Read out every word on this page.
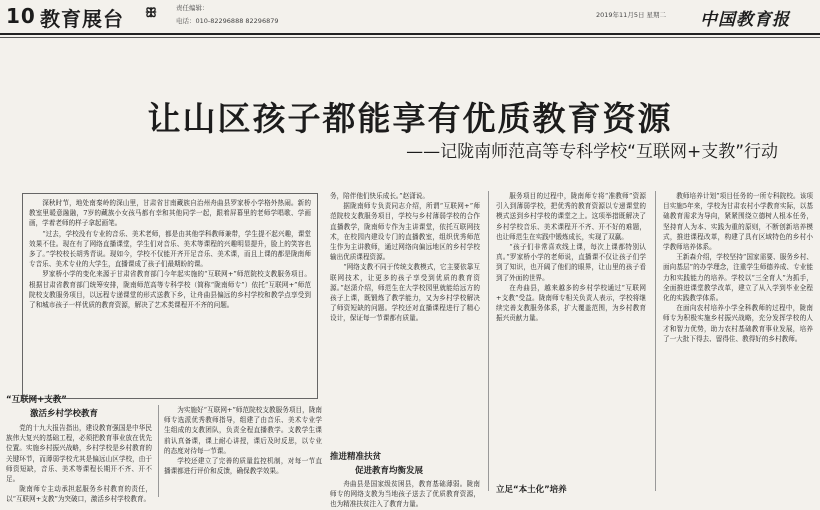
10 教育展台 ꕥ	责任编辑：
电话：010-82296888 82296879
2019年11月5日 星期二 中国教育报
让山区孩子都能享有优质教育资源
——记陇南师范高等专科学校“互联网+支教”行动

深秋时节，地处南秦岭的深山里，甘肃省甘南藏族自治州舟曲县罗家桥小学格外热闹。新的教室里暖意融融，7岁的藏族小女孩马都有幸和其他同学一起，跟着屏幕里的老师学唱歌、学画画，学着老师的样子拿起画笔。

“过去，学校没有专业的音乐、美术老师，都是由其他学科教师兼带，学生提不起兴趣，课堂效果不佳。现在有了网络直播课堂，学生们对音乐、美术等课程的兴趣明显提升，脸上的笑容也多了。”学校校长胡秀青说。现如今，学校不仅能开齐开足音乐、美术课，而且上课的都是陇南师专音乐、美术专业的大学生，直播课成了孩子们最期盼的课。

罗家桥小学的变化来源于甘肃省教育部门今年起实施的“互联网+”师范院校支教服务项目。根据甘肃省教育部门统筹安排，陇南师范高等专科学校（简称“陇南师专”）依托“互联网+”师范院校支教服务项目，以远程专递课堂的形式送教下乡，让舟曲县偏远的乡村学校和教学点享受到了和城市孩子一样优质的教育资源，解决了艺术类课程开不齐的问题。

务，陪伴他们快乐成长。”赵潇说。

据陇南师专负责同志介绍，所谓“互联网+”师范院校支教服务项目，学校与乡村薄弱学校的合作直播教学，陇南师专作为主讲课堂，依托互联网技术，在校园内建设专门的直播教室，组织优秀师范生作为主讲教师，通过网络向偏远地区的乡村学校输出优质课程资源。

“网络支教不同于传统支教模式，它主要依靠互联网技术，让更多的孩子享受到优质的教育资源。”赵潇介绍，师范生在大学校园里就能给远方的孩子上课，既锻炼了教学能力，又为乡村学校解决了师资短缺的问题。学校还对直播课程进行了精心设计，保证每一节课都有质量。

服务项目的过程中，陇南师专将“准教师”资源引入到薄弱学校，把优秀的教育资源以专递课堂的模式送到乡村学校的课堂之上。这项举措既解决了乡村学校音乐、美术课程开不齐、开不好的难题，也让师范生在实践中锻炼成长，实现了双赢。

“孩子们非常喜欢线上课，每次上课都特别认真。”罗家桥小学的老师说，直播课不仅让孩子们学到了知识，也开阔了他们的眼界，让山里的孩子看到了外面的世界。

在舟曲县，越来越多的乡村学校通过“互联网+支教”受益。陇南师专相关负责人表示，学校将继续完善支教服务体系，扩大覆盖范围，为乡村教育振兴贡献力量。

教师培养计划”项目任务的一所专科院校。该项目实施5年来，学校为甘肃农村小学教育实际，以基础教育需求为导向，紧紧围绕立德树人根本任务，坚持育人为本、实践为重的原则，不断创新培养模式，推进课程改革，构建了具有区域特色的乡村小学教师培养体系。

王新森介绍，学校坚持“国家需要、服务乡村、面向基层”的办学理念，注重学生师德养成、专业能力和实践能力的培养。学校以“三全育人”为抓手，全面推进课堂教学改革，建立了从入学到毕业全程化的实践教学体系。

在面向农村培养小学全科教师的过程中，陇南师专为积极实施乡村振兴战略，充分发挥学校的人才和智力优势，助力农村基础教育事业发展，培养了一大批下得去、留得住、教得好的乡村教师。

“互联网+支教”
激活乡村学校教育

党的十九大报告指出，建设教育强国是中华民族伟大复兴的基础工程，必须把教育事业放在优先位置。实施乡村振兴战略，乡村学校是乡村教育的关键环节，而薄弱学校尤其是偏远山区学校，由于师资短缺，音乐、美术等课程长期开不齐、开不足。

陇南师专主动承担起服务乡村教育的责任，以“互联网+支教”为突破口，激活乡村学校教育。

为实施好“互联网+”师范院校支教服务项目，陇南师专选派优秀教师指导，组建了由音乐、美术专业学生组成的支教团队，负责全程直播教学。支教学生课前认真备课，课上耐心讲授，课后及时反思，以专业的态度对待每一节课。

学校还建立了完善的质量监控机制，对每一节直播课都进行评价和反馈，确保教学效果。

推进精准扶贫
促进教育均衡发展

舟曲县是国家级贫困县，教育基础薄弱。陇南师专的网络支教为当地孩子送去了优质教育资源，也为精准扶贫注入了教育力量。

立足“本土化”培养
